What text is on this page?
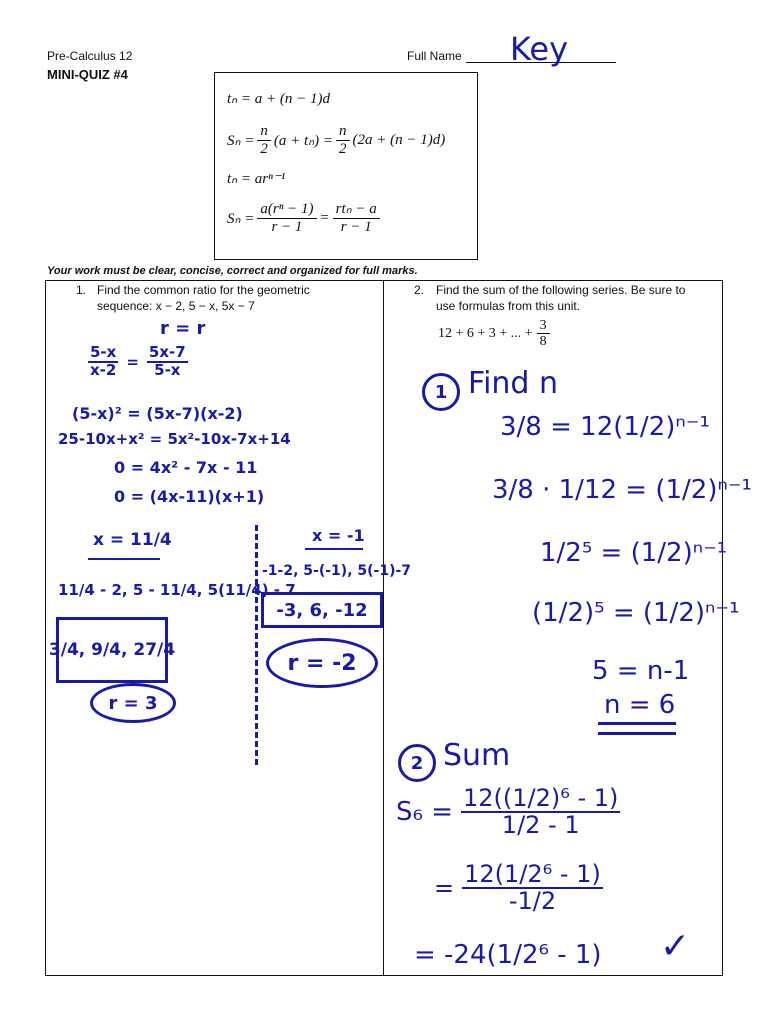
Pre-Calculus 12
MINI-QUIZ #4
Full Name Key
tₙ = a + (n − 1)d
$S_n = \frac{n}{2} (a + t_n) = \frac{n}{2} (2a + (n - 1)d)$
tₙ = arⁿ⁻¹
$S_n = \frac{\text{a(rⁿ − 1)}}{r - 1} = \frac{\text{rtₙ − a}}{r - 1}$
Your work must be clear, concise, correct and organized for full marks.
1. Find the common ratio for the geometric
sequence: x − 2, 5 − x, 5x − 7
r = r
$\frac{5-x}{x-2} = \frac{5x-7}{5-x}$
(5-x)² = (5x-7)(x-2)
25-10x+x² = 5x²-10x-7x+14
0 = 4x² - 7x - 11
0 = (4x-11)(x+1)
x = 11/4
11/4 - 2, 5 - 11/4, 5(11/4) - 7
3/4, 9/4, 27/4
r = 3
x = -1
-1-2, 5-(-1), 5(-1)-7
-3, 6, -12
r = -2
2. Find the sum of the following series. Be sure to
use formulas from this unit.
12 + 6 + 3 + ... + $\frac{3}{8}$
1 Find n
3/8 = 12(1/2)ⁿ⁻¹
3/8 · 1/12 = (1/2)ⁿ⁻¹
1/2⁵ = (1/2)ⁿ⁻¹
(1/2)⁵ = (1/2)ⁿ⁻¹
5 = n-1
n = 6
2 Sum
$S_6 = \frac{\text{12((1/2)⁶ - 1)}}{1/2 - 1}$
= $\frac{\text{12(1/2⁶ - 1)}}{-1/2}$
= -24(1/2⁶ - 1) ✓
